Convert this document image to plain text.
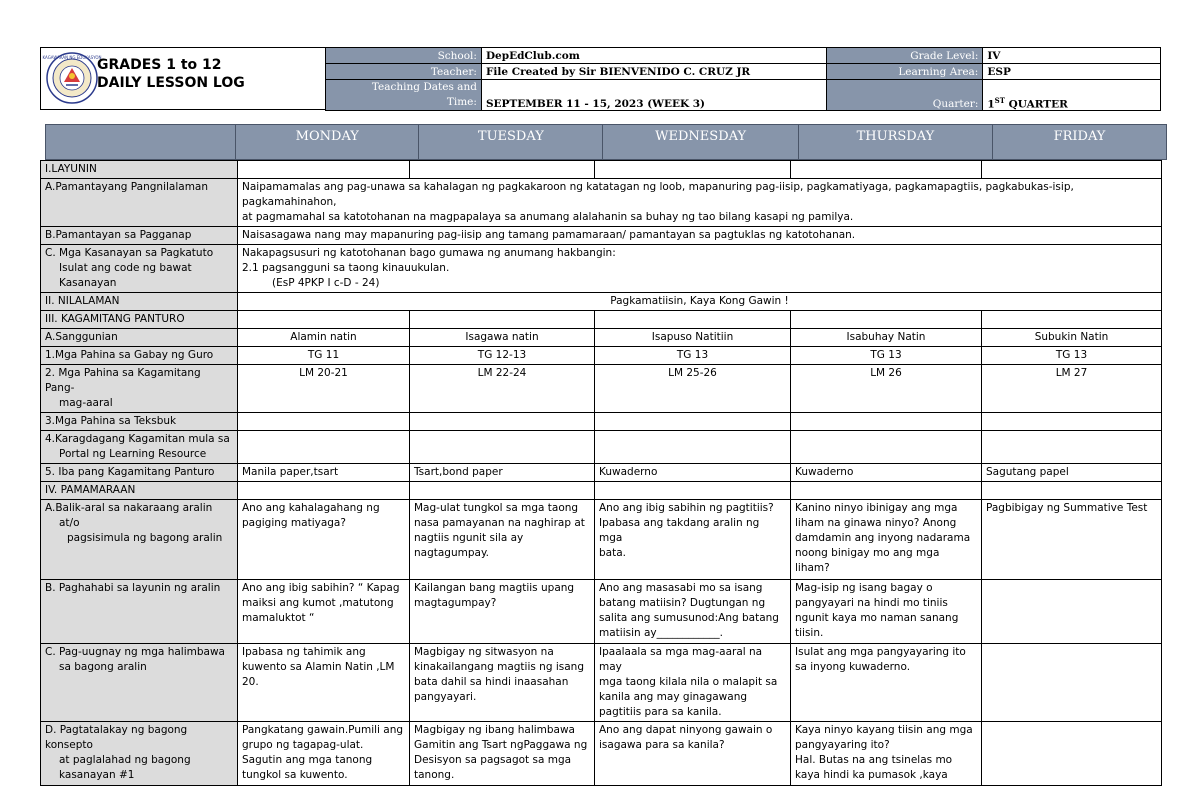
KAGAWARAN NG EDUKASYON
GRADES 1 to 12
DAILY LESSON LOG
School:	DepEdClub.com	Grade Level:	IV
Teacher:	File Created by Sir BIENVENIDO C. CRUZ JR	Learning Area:	ESP

Teaching Dates and
Time:	SEPTEMBER 11 - 15, 2023 (WEEK 3)	Quarter:	1ST QUARTER
	MONDAY	TUESDAY	WEDNESDAY	THURSDAY	FRIDAY
I.LAYUNIN					
A.Pamantayang Pangnilalaman	Naipamamalas ang pag-unawa sa kahalagan ng pagkakaroon ng katatagan ng loob, mapanuring pag-iisip, pagkamatiyaga, pagkamapagtiis, pagkabukas-isip, pagkamahinahon,
at pagmamahal sa katotohanan na magpapalaya sa anumang alalahanin sa buhay ng tao bilang kasapi ng pamilya.				

B.Pamantayan sa Pagganap	Naisasagawa nang may mapanuring pag-iisip ang tamang pamamaraan/ pamantayan sa pagtuklas ng katotohanan.				

C. Mga Kasanayan sa Pagkatuto
Isulat ang code ng bawat
Kasanayan	Nakapagsusuri ng katotohanan bago gumawa ng anumang hakbangin:
2.1 pagsangguni sa taong kinauukulan.
(EsP 4PKP I c-D - 24)				

II. NILALAMAN	Pagkamatiisin, Kaya Kong Gawin !				
III. KAGAMITANG PANTURO					
A.Sanggunian	Alamin natin	Isagawa natin	Isapuso Natitiin	Isabuhay Natin	Subukin Natin
1.Mga Pahina sa Gabay ng Guro	TG 11	TG 12-13	TG 13	TG 13	TG 13

2. Mga Pahina sa Kagamitang
Pang-
mag-aaral	LM 20-21	LM 22-24	LM 25-26	LM 26	LM 27
3.Mga Pahina sa Teksbuk					

4.Karagdagang Kagamitan mula sa
Portal ng Learning Resource					

5. Iba pang Kagamitang Panturo	Manila paper,tsart	Tsart,bond paper	Kuwaderno	Kuwaderno	Sagutang papel
IV. PAMAMARAAN					

A.Balik-aral sa nakaraang aralin
at/o
pagsisimula ng bagong aralin	Ano ang kahalagahang ng
pagiging matiyaga?	Mag-ulat tungkol sa mga taong
nasa pamayanan na naghirap at
nagtiis ngunit sila ay
nagtagumpay.	Ano ang ibig sabihin ng pagtitiis?
Ipabasa ang takdang aralin ng mga
bata.	Kanino ninyo ibinigay ang mga
liham na ginawa ninyo? Anong
damdamin ang inyong nadarama
noong binigay mo ang mga
liham?	Pagbibigay ng Summative Test

B. Paghahabi sa layunin ng aralin	Ano ang ibig sabihin? “ Kapag
maiksi ang kumot ,matutong
mamaluktot “	Kailangan bang magtiis upang
magtagumpay?	Ano ang masasabi mo sa isang
batang matiisin? Dugtungan ng
salita ang sumusunod:Ang batang
matiisin ay____________.	Mag-isip ng isang bagay o
pangyayari na hindi mo tiniis
ngunit kaya mo naman sanang
tiisin.	

C. Pag-uugnay ng mga halimbawa
sa bagong aralin	Ipabasa ng tahimik ang
kuwento sa Alamin Natin ,LM
20.	Magbigay ng sitwasyon na
kinakailangang magtiis ng isang
bata dahil sa hindi inaasahan
pangyayari.	Ipaalaala sa mga mag-aaral na may
mga taong kilala nila o malapit sa
kanila ang may ginagawang
pagtitiis para sa kanila.	Isulat ang mga pangyayaring ito
sa inyong kuwaderno.	

D. Pagtatalakay ng bagong
konsepto
at paglalahad ng bagong
kasanayan #1	Pangkatang gawain.Pumili ang
grupo ng tagapag-ulat.
Sagutin ang mga tanong
tungkol sa kuwento.	Magbigay ng ibang halimbawa
Gamitin ang Tsart ngPaggawa ng
Desisyon sa pagsagot sa mga
tanong.	Ano ang dapat ninyong gawain o
isagawa para sa kanila?	Kaya ninyo kayang tiisin ang mga
pangyayaring ito?
Hal. Butas na ang tsinelas mo
kaya hindi ka pumasok ,kaya	
